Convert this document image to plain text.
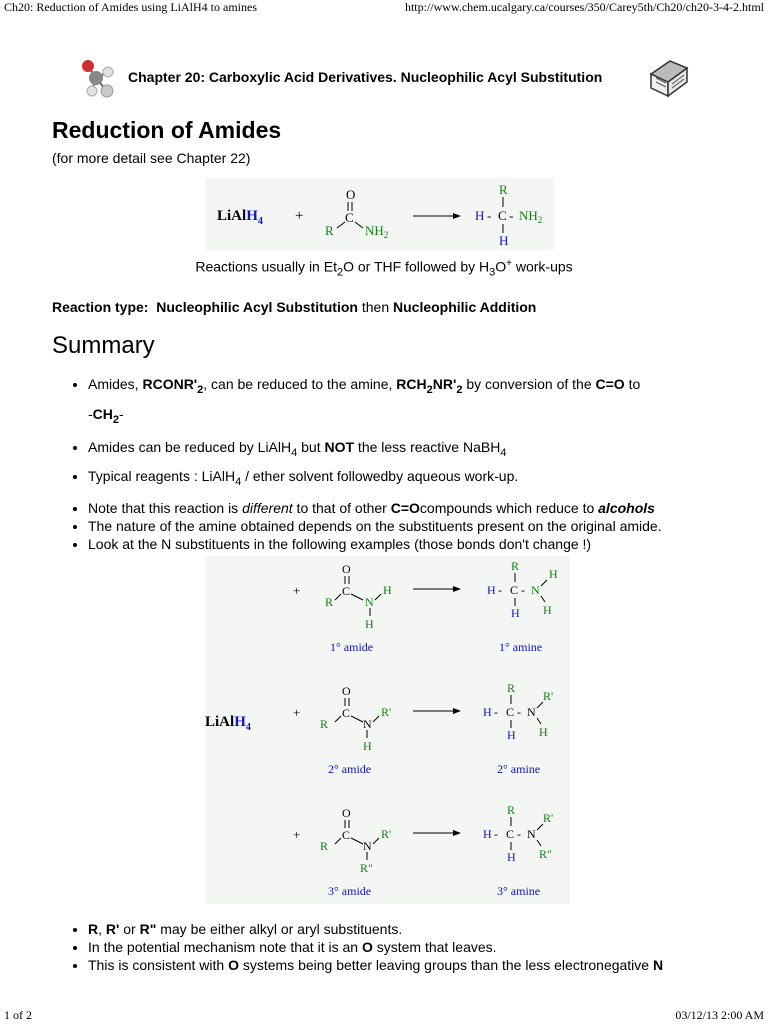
Ch20: Reduction of Amides using LiAlH4 to amines	http://www.chem.ucalgary.ca/courses/350/Carey5th/Ch20/ch20-3-4-2.html
Chapter 20: Carboxylic Acid Derivatives. Nucleophilic Acyl Substitution
Reduction of Amides
(for more detail see Chapter 22)
LiAlH$_4$ +
O
C
R $NH_2$
R
H - C - $NH_2$
H
Reactions usually in $Et_2O$ or THF followed by $H_3O^+$ work-ups
Reaction type: Nucleophilic Acyl Substitution then Nucleophilic Addition
Summary
• Amides, $RCONR'_2$, can be reduced to the amine, $RCH_2NR'_2$ by conversion of the C=O to
$-CH_2-$
• Amides can be reduced by LiAlH$_4$ but NOT the less reactive NaBH$_4$
• Typical reagents : LiAlH$_4$ / ether solvent followedby aqueous work-up.
• Note that this reaction is different to that of other C=Ocompounds which reduce to alcohols
• The nature of the amine obtained depends on the substituents present on the original amide.
• Look at the N substituents in the following examples (those bonds don't change !)
LiAlH$_4$
+
O
C
R	N
H
H
1° amide
R
H - C - N
H
H
H
1° amine
+
O
C
R	N
R'
H
2° amide
R
H - C - N
R'
H
H
2° amine
+
O
C
R	N
R'
R"
3° amide
R
H - C - N
R'
R"
H
3° amine
• R, R' or R" may be either alkyl or aryl substituents.
• In the potential mechanism note that it is an O system that leaves.
• This is consistent with O systems being better leaving groups than the less electronegative N
1 of 2	03/12/13 2:00 AM
